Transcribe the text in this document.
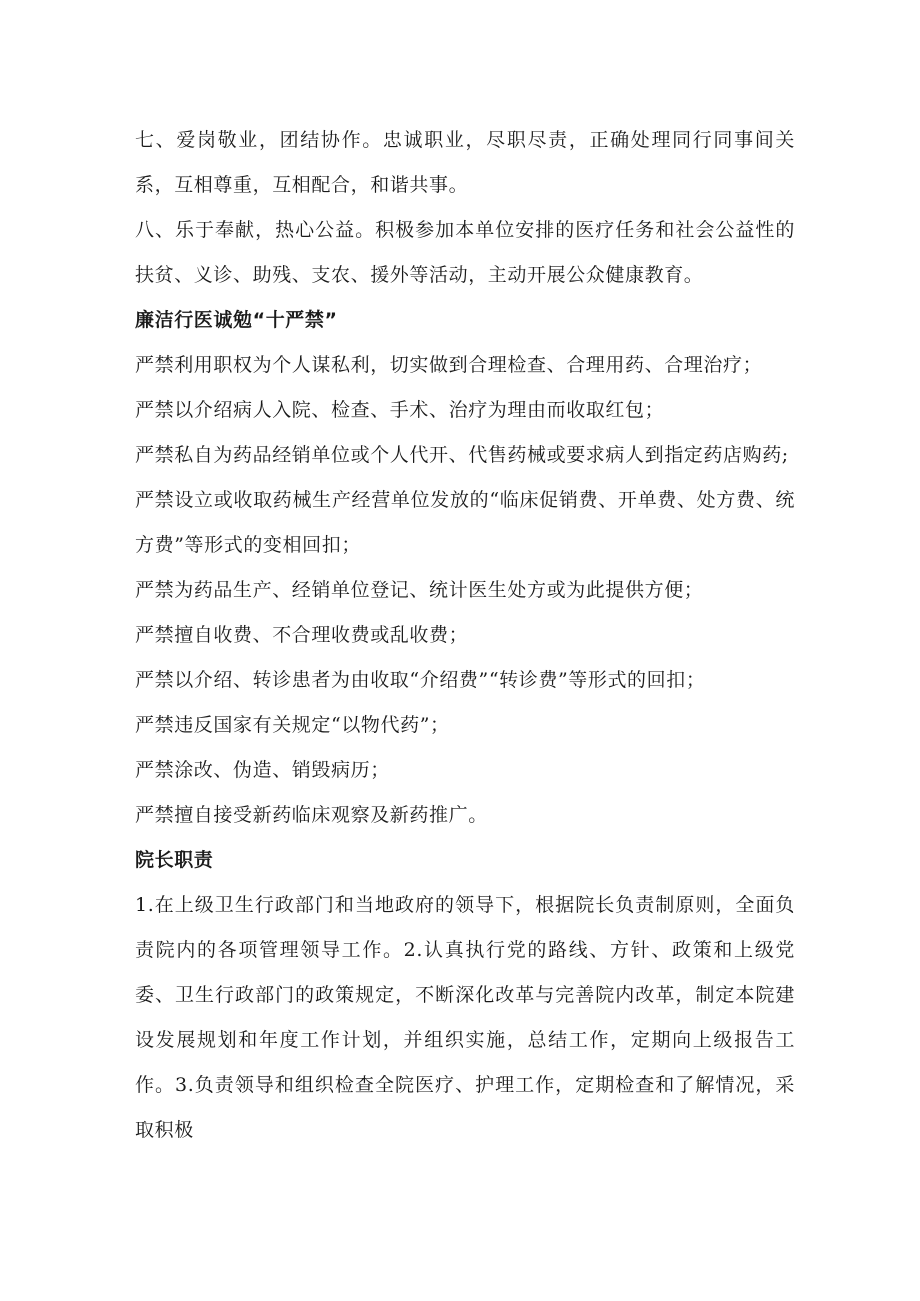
七、爱岗敬业，团结协作。忠诚职业，尽职尽责，正确处理同行同事间关系，互相尊重，互相配合，和谐共事。

八、乐于奉献，热心公益。积极参加本单位安排的医疗任务和社会公益性的扶贫、义诊、助残、支农、援外等活动，主动开展公众健康教育。

廉洁行医诚勉“十严禁”

严禁利用职权为个人谋私利，切实做到合理检查、合理用药、合理治疗；

严禁以介绍病人入院、检查、手术、治疗为理由而收取红包；

严禁私自为药品经销单位或个人代开、代售药械或要求病人到指定药店购药;

严禁设立或收取药械生产经营单位发放的“临床促销费、开单费、处方费、统方费”等形式的变相回扣；

严禁为药品生产、经销单位登记、统计医生处方或为此提供方便；

严禁擅自收费、不合理收费或乱收费；

严禁以介绍、转诊患者为由收取“介绍费”“转诊费”等形式的回扣；

严禁违反国家有关规定“以物代药”；

严禁涂改、伪造、销毁病历；

严禁擅自接受新药临床观察及新药推广。

院长职责

1.在上级卫生行政部门和当地政府的领导下，根据院长负责制原则，全面负责院内的各项管理领导工作。2.认真执行党的路线、方针、政策和上级党委、卫生行政部门的政策规定，不断深化改革与完善院内改革，制定本院建设发展规划和年度工作计划，并组织实施，总结工作，定期向上级报告工作。3.负责领导和组织检查全院医疗、护理工作，定期检查和了解情况，采取积极
